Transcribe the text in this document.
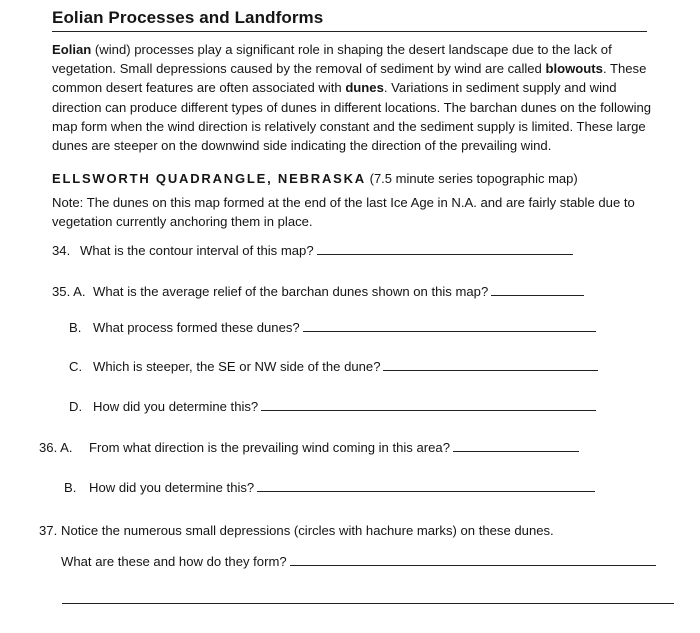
Eolian Processes and Landforms
Eolian (wind) processes play a significant role in shaping the desert landscape due to the lack of vegetation. Small depressions caused by the removal of sediment by wind are called blowouts. These common desert features are often associated with dunes. Variations in sediment supply and wind direction can produce different types of dunes in different locations. The barchan dunes on the following map form when the wind direction is relatively constant and the sediment supply is limited. These large dunes are steeper on the downwind side indicating the direction of the prevailing wind.
ELLSWORTH QUADRANGLE, NEBRASKA (7.5 minute series topographic map)
Note: The dunes on this map formed at the end of the last Ice Age in N.A. and are fairly stable due to vegetation currently anchoring them in place.
34. What is the contour interval of this map?
35. A. What is the average relief of the barchan dunes shown on this map?
B. What process formed these dunes?
C. Which is steeper, the SE or NW side of the dune?
D. How did you determine this?
36. A.	From what direction is the prevailing wind coming in this area?
B. How did you determine this?
37. Notice the numerous small depressions (circles with hachure marks) on these dunes.
What are these and how do they form?
